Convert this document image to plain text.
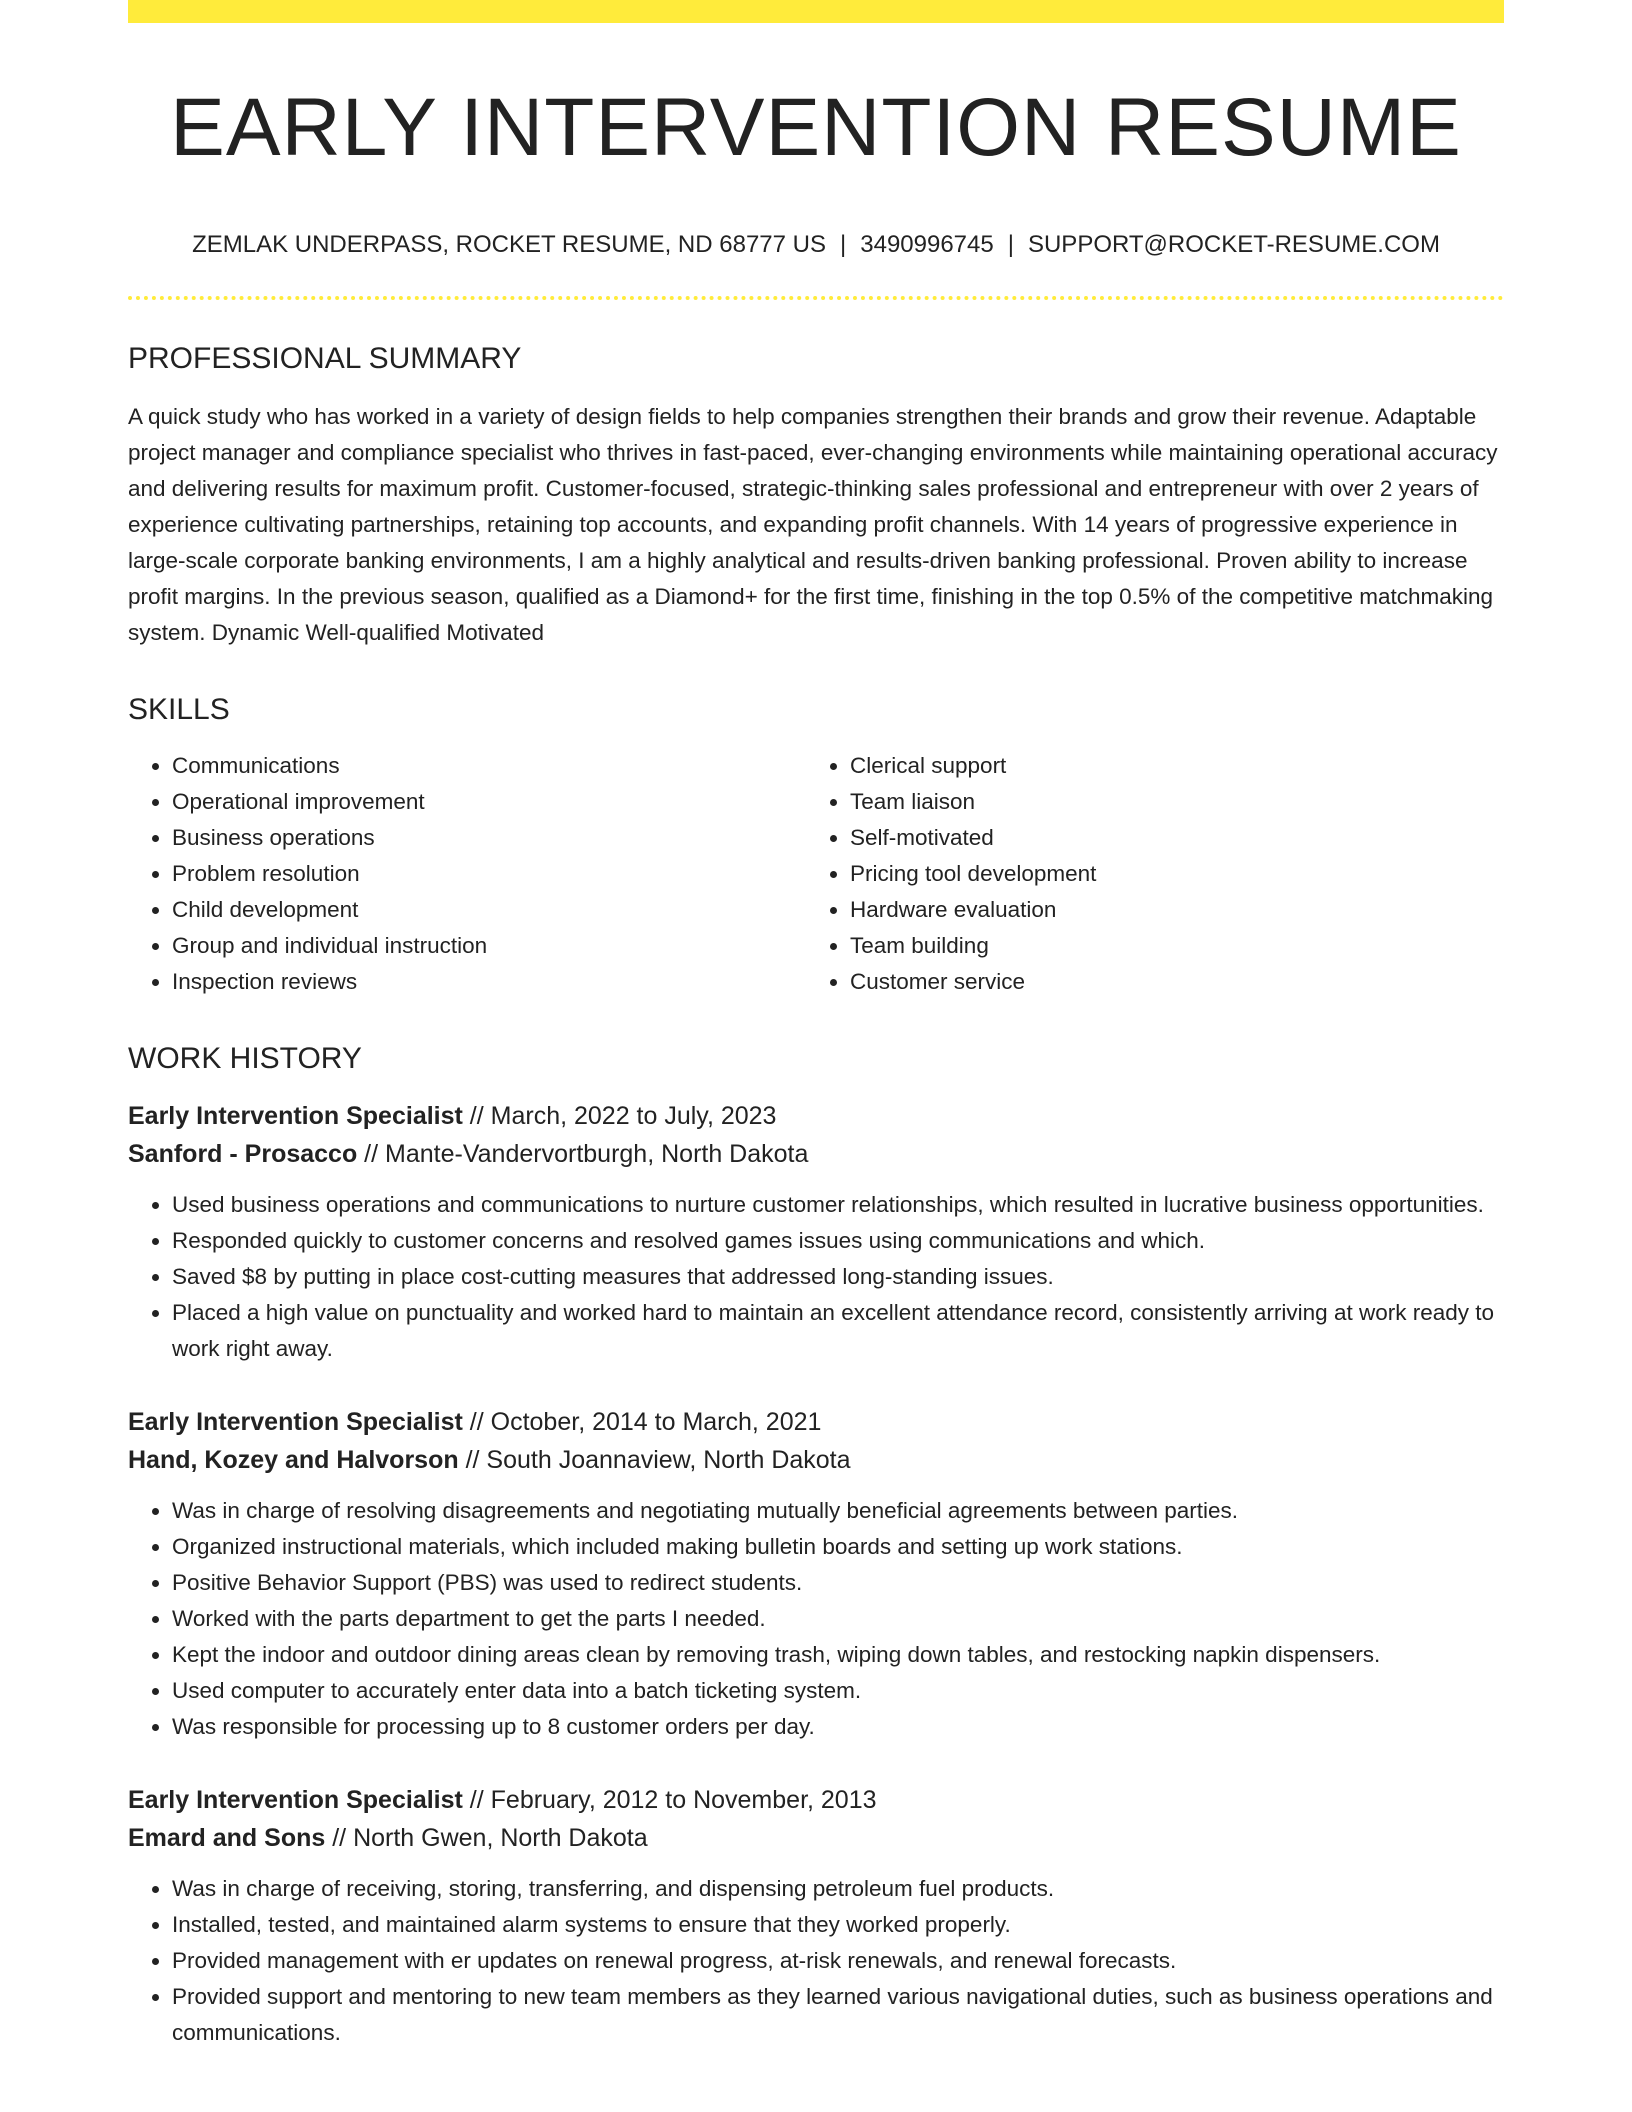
EARLY INTERVENTION RESUME
ZEMLAK UNDERPASS, ROCKET RESUME, ND 68777 US | 3490996745 | SUPPORT@ROCKET-RESUME.COM
PROFESSIONAL SUMMARY
A quick study who has worked in a variety of design fields to help companies strengthen their brands and grow their revenue. Adaptable project manager and compliance specialist who thrives in fast-paced, ever-changing environments while maintaining operational accuracy and delivering results for maximum profit. Customer-focused, strategic-thinking sales professional and entrepreneur with over 2 years of experience cultivating partnerships, retaining top accounts, and expanding profit channels. With 14 years of progressive experience in large-scale corporate banking environments, I am a highly analytical and results-driven banking professional. Proven ability to increase profit margins. In the previous season, qualified as a Diamond+ for the first time, finishing in the top 0.5% of the competitive matchmaking system. Dynamic Well-qualified Motivated
SKILLS
• Communications
• Operational improvement
• Business operations
• Problem resolution
• Child development
• Group and individual instruction
• Inspection reviews
• Clerical support
• Team liaison
• Self-motivated
• Pricing tool development
• Hardware evaluation
• Team building
• Customer service
WORK HISTORY
Early Intervention Specialist // March, 2022 to July, 2023
Sanford - Prosacco // Mante-Vandervortburgh, North Dakota
• Used business operations and communications to nurture customer relationships, which resulted in lucrative business opportunities.
• Responded quickly to customer concerns and resolved games issues using communications and which.
• Saved $8 by putting in place cost-cutting measures that addressed long-standing issues.
• Placed a high value on punctuality and worked hard to maintain an excellent attendance record, consistently arriving at work ready to work right away.
Early Intervention Specialist // October, 2014 to March, 2021
Hand, Kozey and Halvorson // South Joannaview, North Dakota
• Was in charge of resolving disagreements and negotiating mutually beneficial agreements between parties.
• Organized instructional materials, which included making bulletin boards and setting up work stations.
• Positive Behavior Support (PBS) was used to redirect students.
• Worked with the parts department to get the parts I needed.
• Kept the indoor and outdoor dining areas clean by removing trash, wiping down tables, and restocking napkin dispensers.
• Used computer to accurately enter data into a batch ticketing system.
• Was responsible for processing up to 8 customer orders per day.
Early Intervention Specialist // February, 2012 to November, 2013
Emard and Sons // North Gwen, North Dakota
• Was in charge of receiving, storing, transferring, and dispensing petroleum fuel products.
• Installed, tested, and maintained alarm systems to ensure that they worked properly.
• Provided management with er updates on renewal progress, at-risk renewals, and renewal forecasts.
• Provided support and mentoring to new team members as they learned various navigational duties, such as business operations and communications.
